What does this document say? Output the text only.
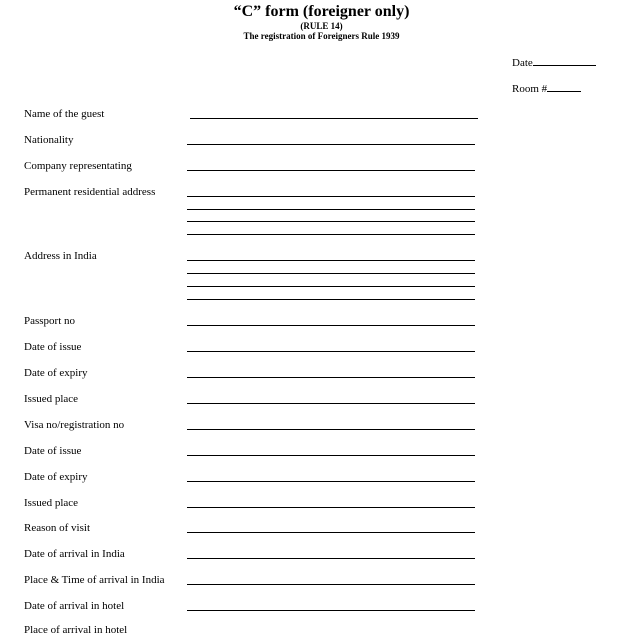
“C” form (foreigner only)
(RULE 14)
The registration of Foreigners Rule 1939
Date
Room #
Name of the guest
Nationality
Company representating
Permanent residential address
Address in India
Passport no
Date of issue
Date of expiry
Issued place
Visa no/registration no
Date of issue
Date of expiry
Issued place
Reason of visit
Date of arrival in India
Place & Time of arrival in India
Date of arrival in hotel
Place of arrival in hotel
